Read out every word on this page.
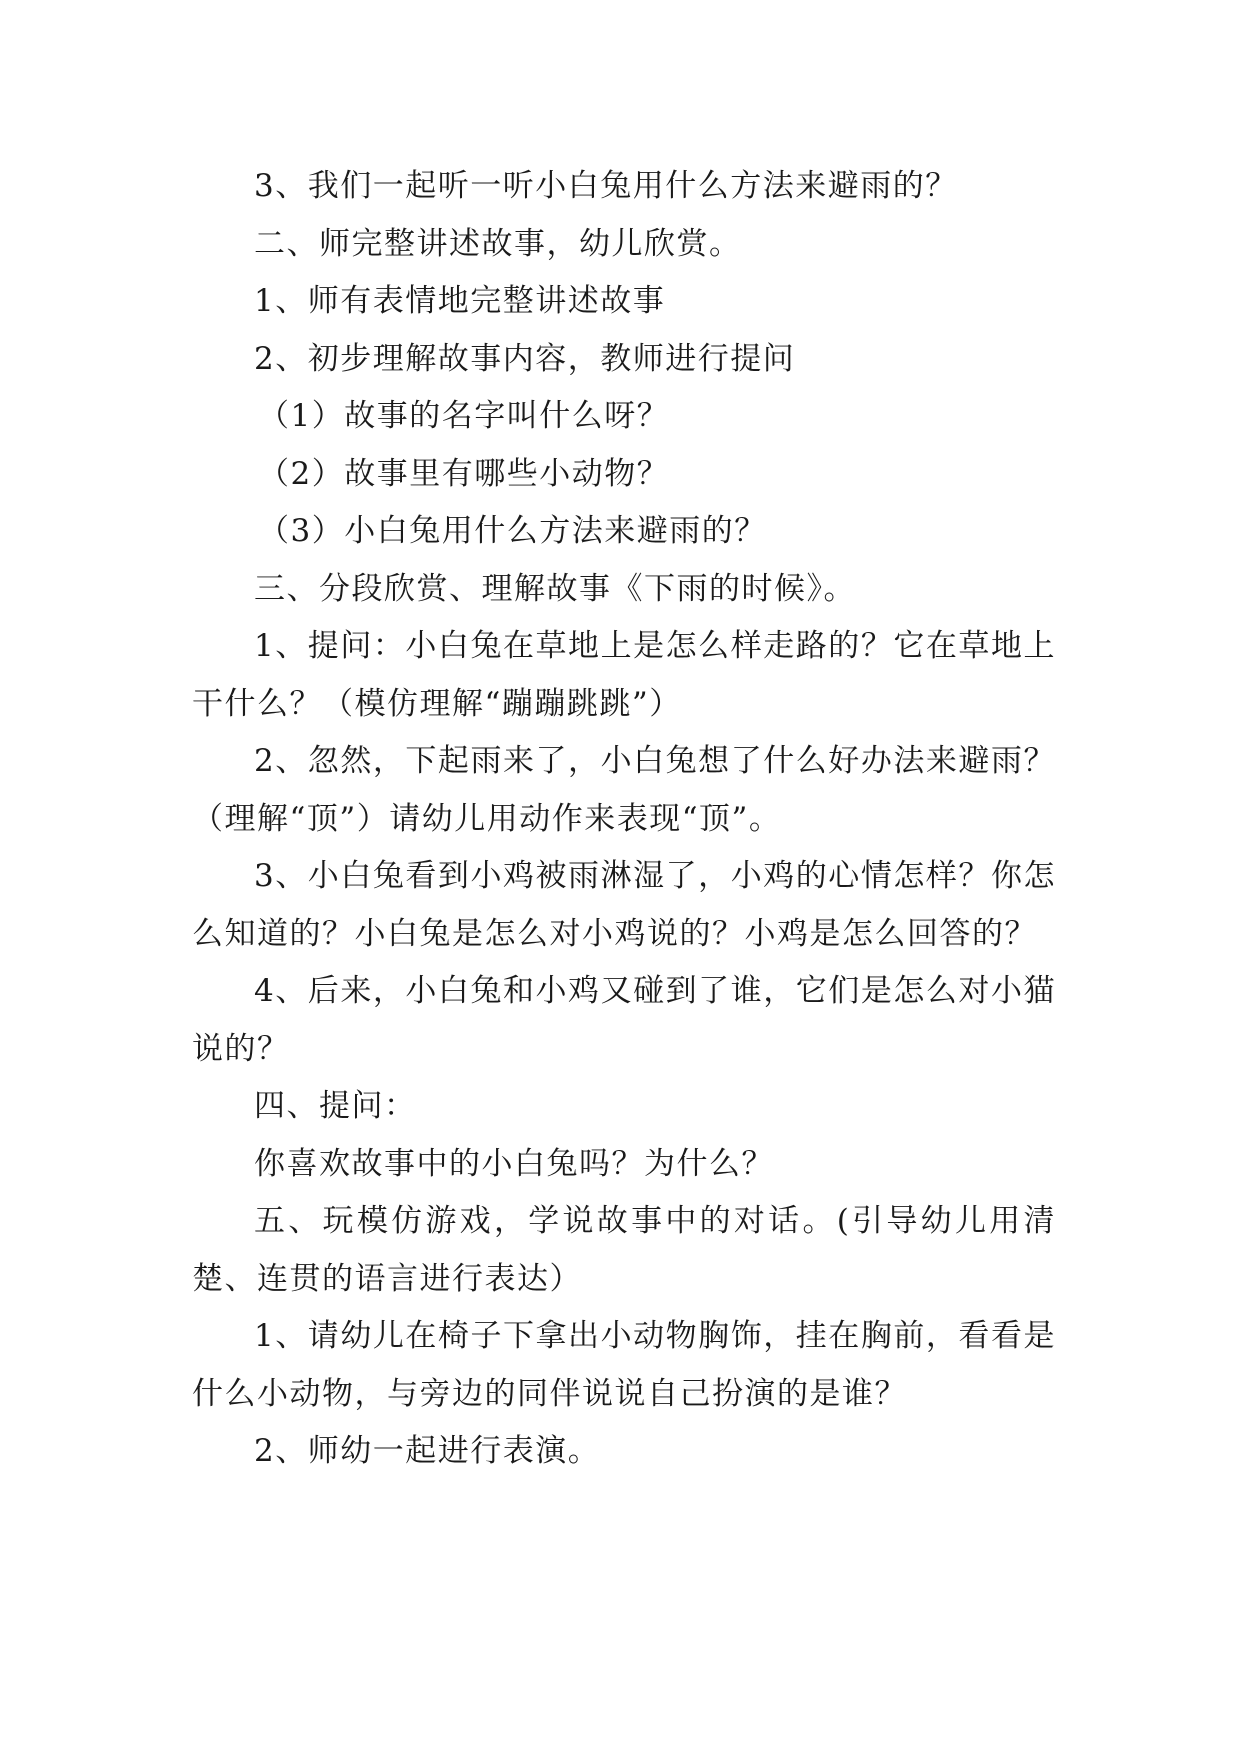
3、我们一起听一听小白兔用什么方法来避雨的？

二、师完整讲述故事，幼儿欣赏。

1、师有表情地完整讲述故事

2、初步理解故事内容，教师进行提问

（1）故事的名字叫什么呀？

（2）故事里有哪些小动物？

（3）小白兔用什么方法来避雨的？

三、分段欣赏、理解故事《下雨的时候》。

1、提问：小白兔在草地上是怎么样走路的？它在草地上干什么？（模仿理解“蹦蹦跳跳”）

2、忽然，下起雨来了，小白兔想了什么好办法来避雨？（理解“顶”）请幼儿用动作来表现“顶”。

3、小白兔看到小鸡被雨淋湿了，小鸡的心情怎样？你怎么知道的？小白兔是怎么对小鸡说的？小鸡是怎么回答的？

4、后来，小白兔和小鸡又碰到了谁，它们是怎么对小猫说的？

四、提问：

你喜欢故事中的小白兔吗？为什么？

五、玩模仿游戏，学说故事中的对话。(引导幼儿用清楚、连贯的语言进行表达）

1、请幼儿在椅子下拿出小动物胸饰，挂在胸前，看看是什么小动物，与旁边的同伴说说自己扮演的是谁？

2、师幼一起进行表演。
